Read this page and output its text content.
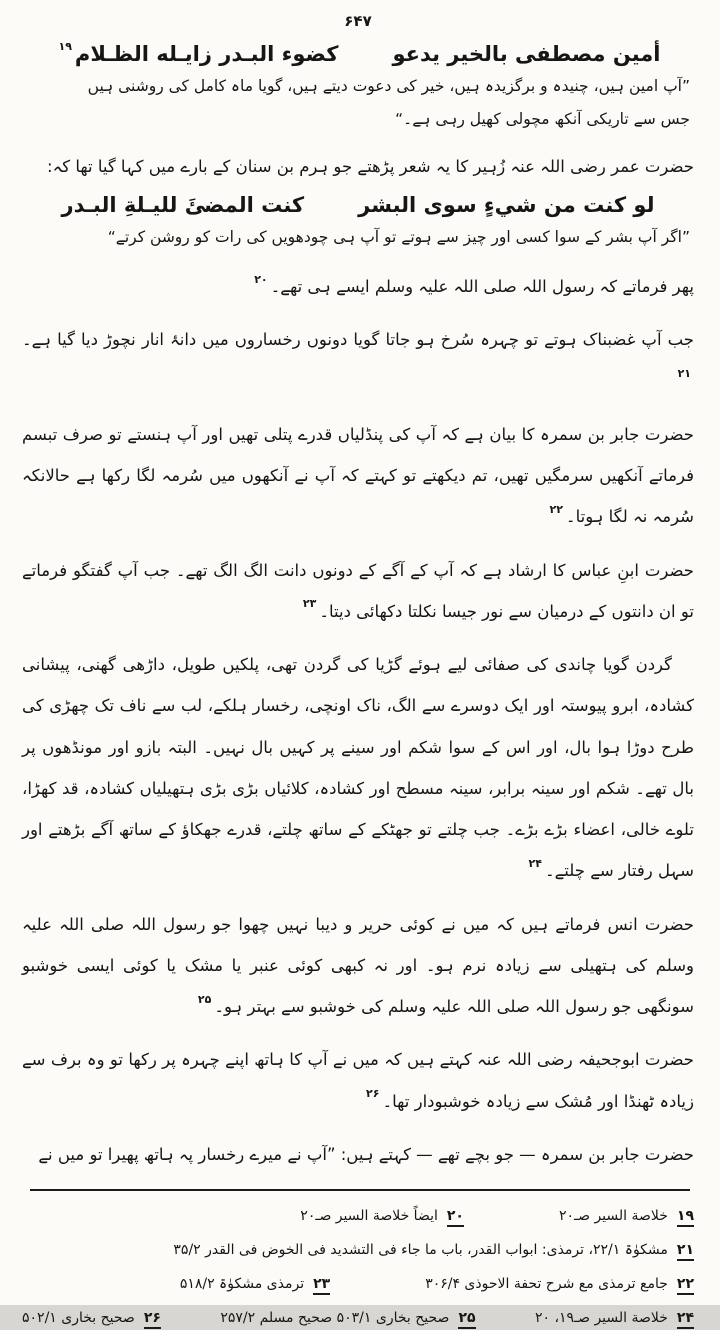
۶۴۷
أمين مصطفى بالخير يدعو
كضوء البـدر زايـله الظـلام$^{۱۹}$
”آپ امین ہیں، چنیدہ و برگزیدہ ہیں، خیر کی دعوت دیتے ہیں، گویا ماہ کامل کی روشنی ہیں جس سے تاریکی آنکھ مچولی کھیل رہی ہے۔“
حضرت عمر رضی اللہ عنہ زُہیر کا یہ شعر پڑھتے جو ہرم بن سنان کے بارے میں کہا گیا تھا کہ:
لو كنت من شيءٍ سوى البشر
كنت المضئَ لليـلةِ البـدر
”اگر آپ بشر کے سوا کسی اور چیز سے ہوتے تو آپ ہی چودھویں کی رات کو روشن کرتے“

پھر فرماتے کہ رسول اللہ صلی اللہ علیہ وسلم ایسے ہی تھے۔$^{۲۰}$

جب آپ غضبناک ہوتے تو چہرہ سُرخ ہو جاتا گویا دونوں رخساروں میں دانۂ انار نچوڑ دیا گیا ہے۔$^{۲۱}$

حضرت جابر بن سمرہ کا بیان ہے کہ آپ کی پنڈلیاں قدرے پتلی تھیں اور آپ ہنستے تو صرف تبسم فرماتے آنکھیں سرمگیں تھیں، تم دیکھتے تو کہتے کہ آپ نے آنکھوں میں سُرمہ لگا رکھا ہے حالانکہ سُرمہ نہ لگا ہوتا۔$^{۲۲}$

حضرت ابنِ عباس کا ارشاد ہے کہ آپ کے آگے کے دونوں دانت الگ الگ تھے۔ جب آپ گفتگو فرماتے تو ان دانتوں کے درمیان سے نور جیسا نکلتا دکھائی دیتا۔$^{۲۳}$

گردن گویا چاندی کی صفائی لیے ہوئے گڑیا کی گردن تھی، پلکیں طویل، داڑھی گھنی، پیشانی کشادہ، ابرو پیوستہ اور ایک دوسرے سے الگ، ناک اونچی، رخسار ہلکے، لب سے ناف تک چھڑی کی طرح دوڑا ہوا بال، اور اس کے سوا شکم اور سینے پر کہیں بال نہیں۔ البتہ بازو اور مونڈھوں پر بال تھے۔ شکم اور سینہ برابر، سینہ مسطح اور کشادہ، کلائیاں بڑی بڑی ہتھیلیاں کشادہ، قد کھڑا، تلوے خالی، اعضاء بڑے بڑے۔ جب چلتے تو جھٹکے کے ساتھ چلتے، قدرے جھکاؤ کے ساتھ آگے بڑھتے اور سہل رفتار سے چلتے۔$^{۲۴}$

حضرت انس فرماتے ہیں کہ میں نے کوئی حریر و دیبا نہیں چھوا جو رسول اللہ صلی اللہ علیہ وسلم کی ہتھیلی سے زیادہ نرم ہو۔ اور نہ کبھی کوئی عنبر یا مشک یا کوئی ایسی خوشبو سونگھی جو رسول اللہ صلی اللہ علیہ وسلم کی خوشبو سے بہتر ہو۔$^{۲۵}$

حضرت ابوجحیفہ رضی اللہ عنہ کہتے ہیں کہ میں نے آپ کا ہاتھ اپنے چہرہ پر رکھا تو وہ برف سے زیادہ ٹھنڈا اور مُشک سے زیادہ خوشبودار تھا۔$^{۲۶}$

حضرت جابر بن سمرہ — جو بچے تھے — کہتے ہیں: ”آپ نے میرے رخسار پہ ہاتھ پھیرا تو میں نے

۱۹خلاصة السیر صـ۲۰
۲۰ایضاً خلاصة السیر صـ۲۰
۲۱مشکوٰۃ ۲۲/۱، ترمذی: ابواب القدر، باب ما جاء فی التشدید فی الخوض فی القدر ۳۵/۲
۲۲جامع ترمذی مع شرح تحفة الاحوذی ۳۰۶/۴
۲۳ترمذی مشکوٰۃ ۵۱۸/۲
۲۴خلاصة السیر صـ۱۹، ۲۰
۲۵صحیح بخاری ۵۰۳/۱ صحیح مسلم ۲۵۷/۲
۲۶صحیح بخاری ۵۰۲/۱
